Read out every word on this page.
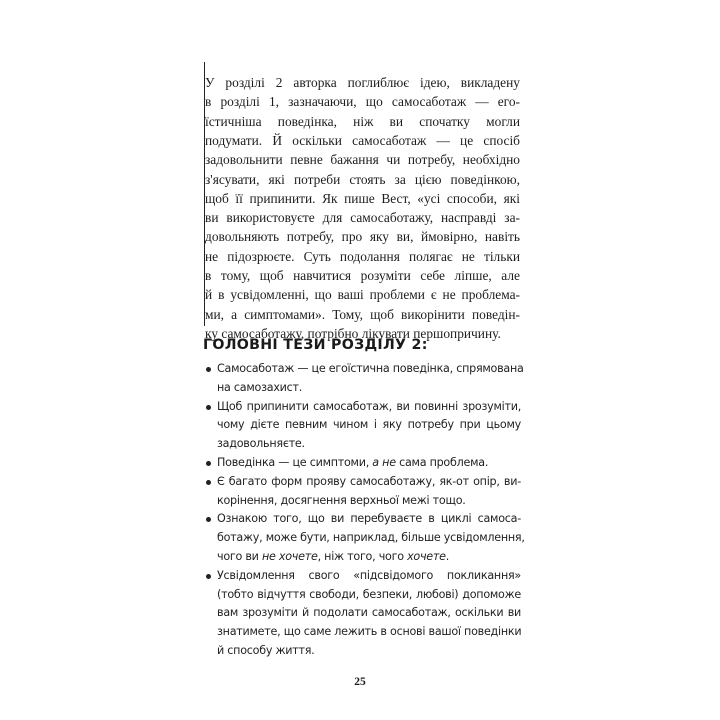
У розділі 2 авторка поглиблює ідею, викладену
в розділі 1, зазначаючи, що самосаботаж — его-
їстичніша поведінка, ніж ви спочатку могли
подумати. Й оскільки самосаботаж — це спосіб
задовольнити певне бажання чи потребу, необхідно
з'ясувати, які потреби стоять за цією поведінкою,
щоб її припинити. Як пише Вест, «усі способи, які
ви використовуєте для самосаботажу, насправді за-
довольняють потребу, про яку ви, ймовірно, навіть
не підозрюєте. Суть подолання полягає не тільки
в тому, щоб навчитися розуміти себе ліпше, але
й в усвідомленні, що ваші проблеми є не проблема-
ми, а симптомами». Тому, щоб викорінити поведін-
ку самосаботажу, потрібно лікувати першопричину.
ГОЛОВНІ ТЕЗИ РОЗДІЛУ 2:
Самосаботаж — це егоїстична поведінка, спрямована
на самозахист.
Щоб припинити самосаботаж, ви повинні зрозуміти,
чому дієте певним чином і яку потребу при цьому
задовольняєте.
Поведінка — це симптоми, а не сама проблема.
Є багато форм прояву самосаботажу, як-от опір, ви-
корінення, досягнення верхньої межі тощо.
Ознакою того, що ви перебуваєте в циклі самоса-
ботажу, може бути, наприклад, більше усвідомлення,
чого ви не хочете, ніж того, чого хочете.
Усвідомлення свого «підсвідомого покликання»
(тобто відчуття свободи, безпеки, любові) допоможе
вам зрозуміти й подолати самосаботаж, оскільки ви
знатимете, що саме лежить в основі вашої поведінки
й способу життя.
25
